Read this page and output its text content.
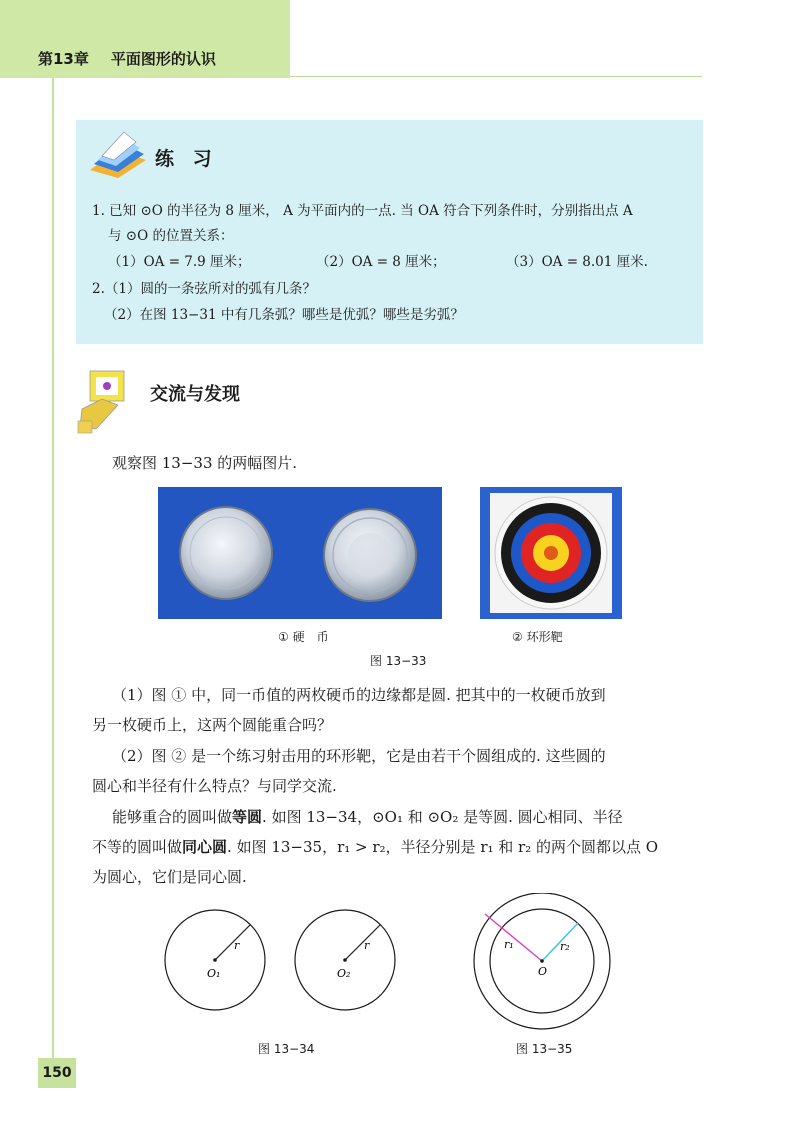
第13章 平面图形的认识
练 习
1. 已知 ⊙O 的半径为 8 厘米， A 为平面内的一点. 当 OA 符合下列条件时，分别指出点 A
与 ⊙O 的位置关系：
（1）OA = 7.9 厘米；	（2）OA = 8 厘米；	（3）OA = 8.01 厘米.
2.（1）圆的一条弦所对的弧有几条？
（2）在图 13−31 中有几条弧？哪些是优弧？哪些是劣弧？
交流与发现
观察图 13−33 的两幅图片.
① 硬　币	② 环形靶
图 13−33
（1）图 ① 中，同一币值的两枚硬币的边缘都是圆. 把其中的一枚硬币放到
另一枚硬币上，这两个圆能重合吗？
（2）图 ② 是一个练习射击用的环形靶，它是由若干个圆组成的. 这些圆的
圆心和半径有什么特点？与同学交流.
能够重合的圆叫做等圆. 如图 13−34，⊙O₁ 和 ⊙O₂ 是等圆. 圆心相同、半径
不等的圆叫做同心圆. 如图 13−35，r₁ > r₂，半径分别是 r₁ 和 r₂ 的两个圆都以点 O
为圆心，它们是同心圆.
r
O₁
r
O₂
图 13−34
r₁	r₂
O
图 13−35
150
